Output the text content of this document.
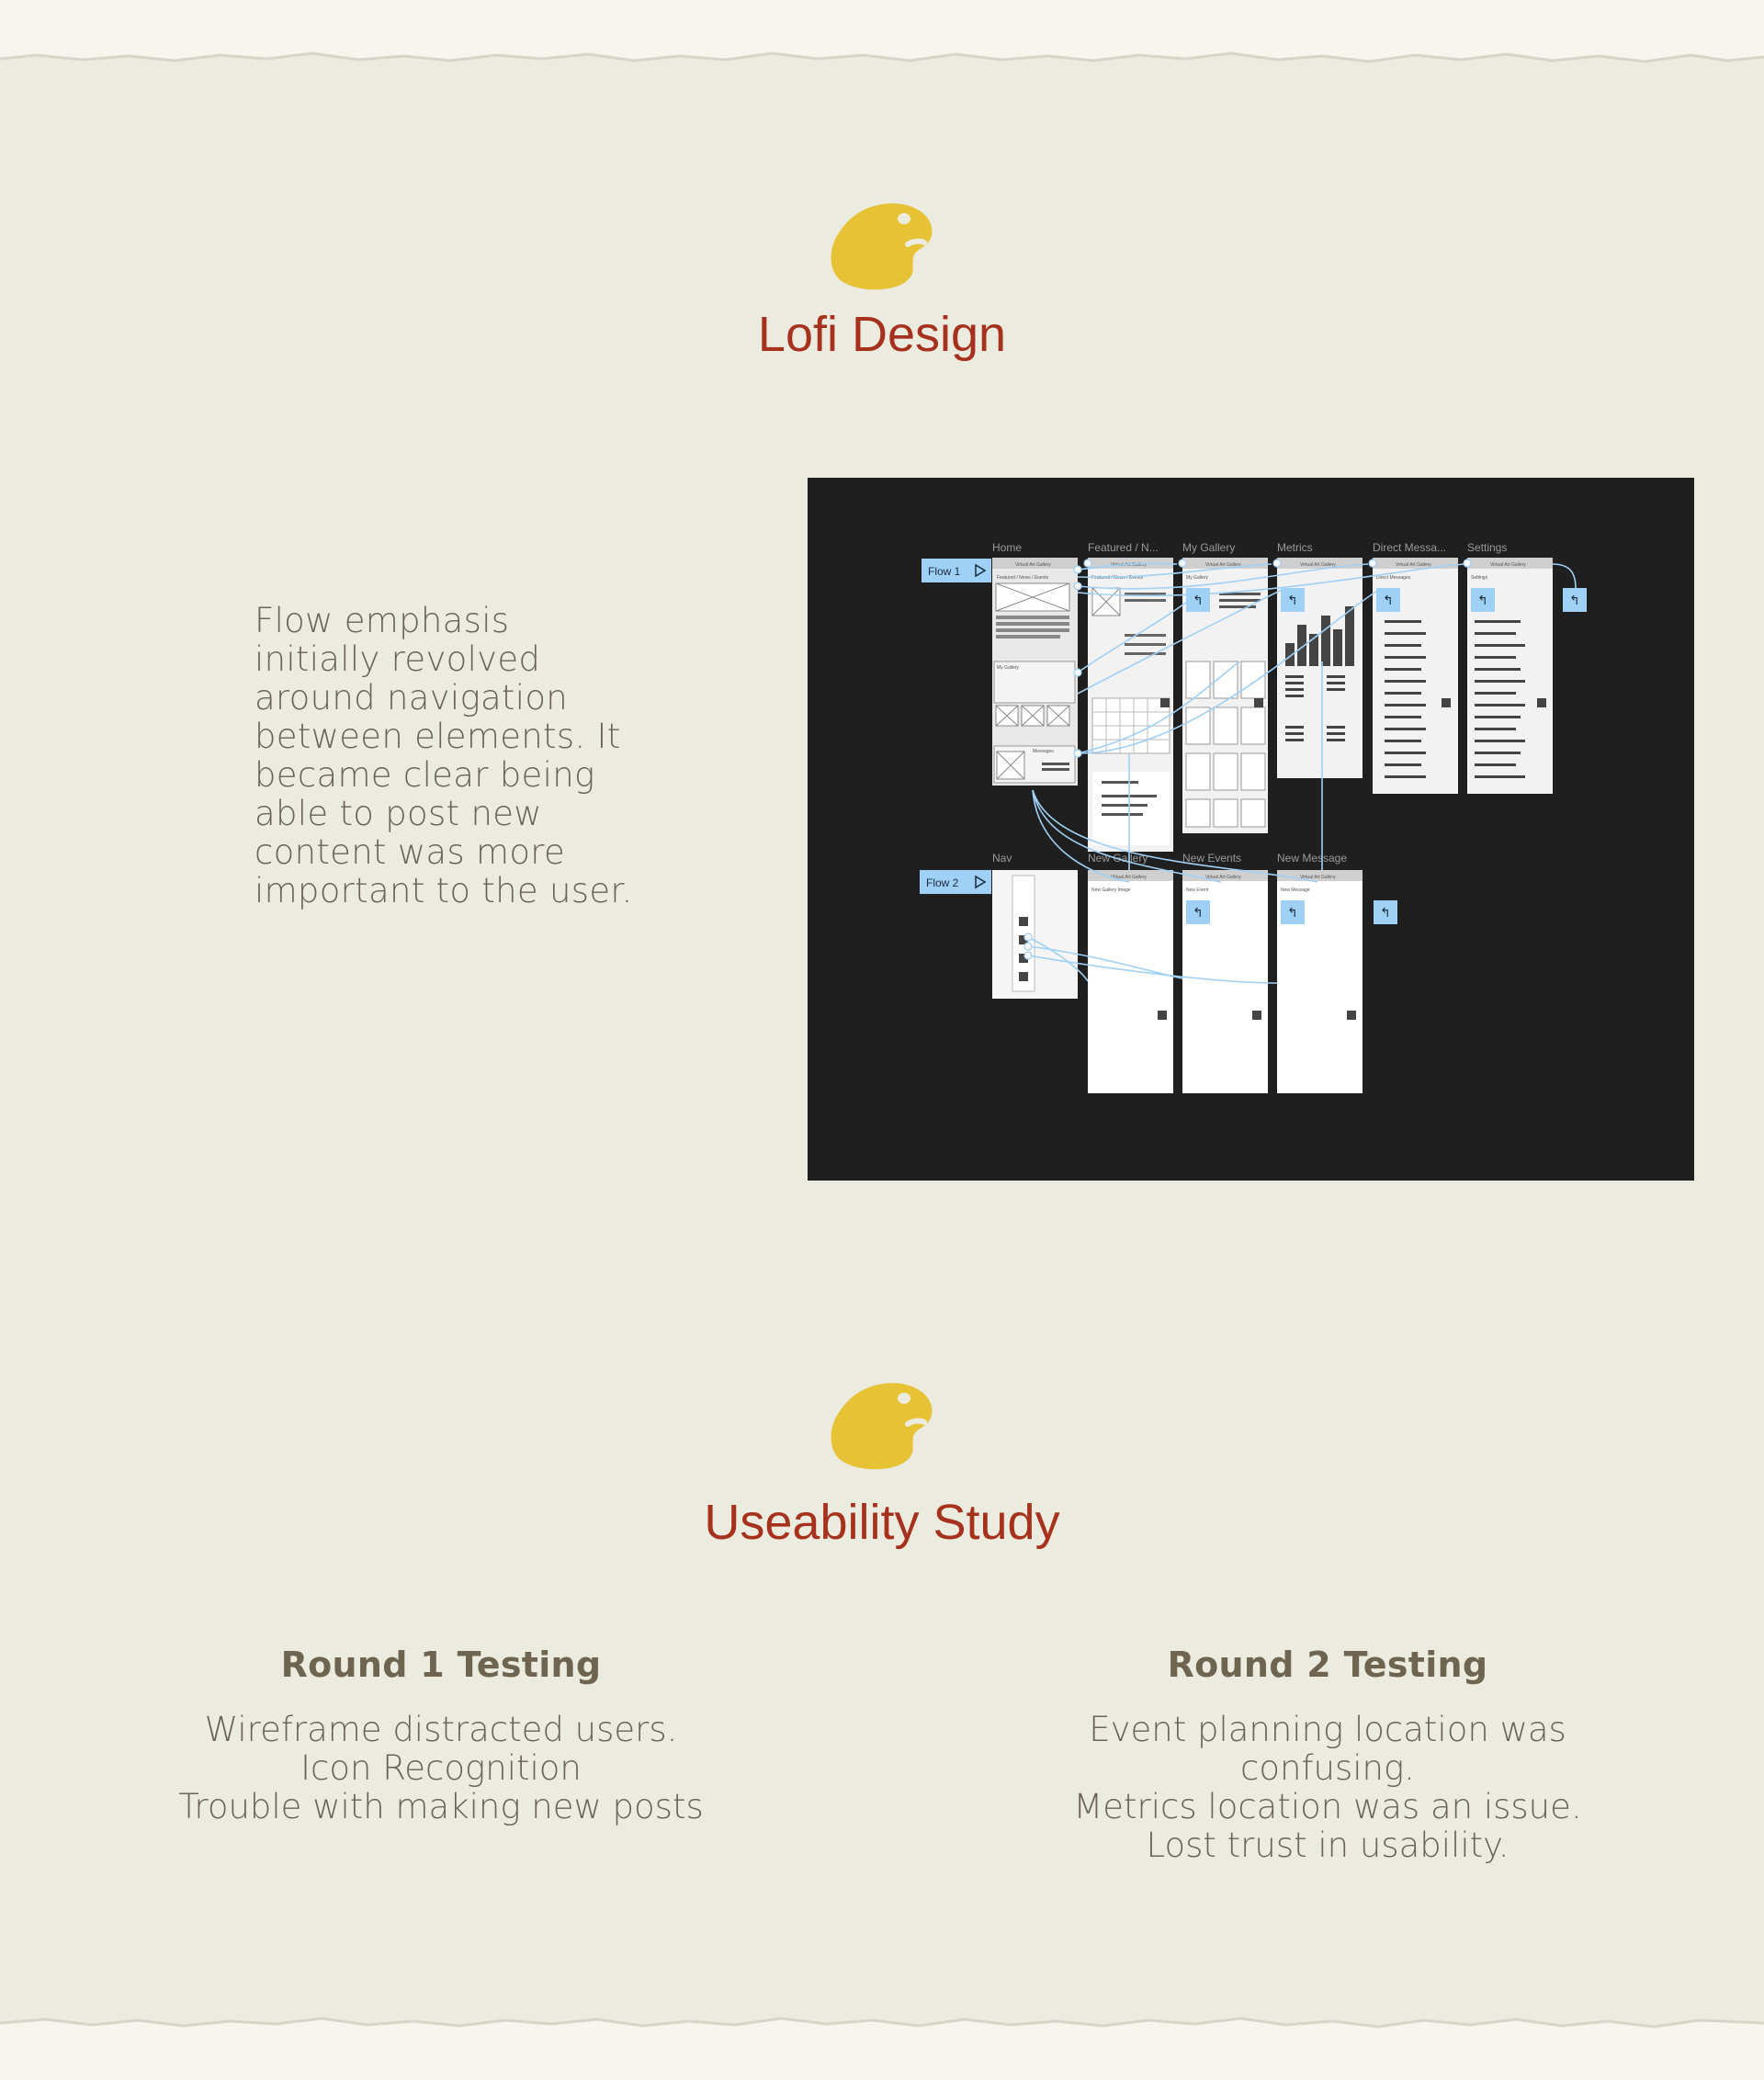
Lofi Design

Flow emphasis
initially revolved
around navigation
between elements. It
became clear being
able to post new
content was more
important to the user.

Home	Featured / N... My Gallery	Metrics	Direct Messa... Settings
Flow 1	Virtual Art Gallery
Featured / News / Events
My Gallery
Messages
Virtual Art Gallery
Featured / News / Events
Virtual Art Gallery
My Gallery
↰
Virtual Art Gallery
↰
Virtual Art Gallery
Direct Messages
↰
Virtual Art Gallery
Settings
↰	↰
Nav	New Gallery	New Events	New Message
Flow 2	Virtual Art Gallery
New Gallery Image
Virtual Art Gallery
New Event
↰
Virtual Art Gallery
New Message
↰	↰
Useability Study
Round 1 Testing

Wireframe distracted users.
Icon Recognition
Trouble with making new posts

Round 2 Testing

Event planning location was confusing.
Metrics location was an issue.
Lost trust in usability.
